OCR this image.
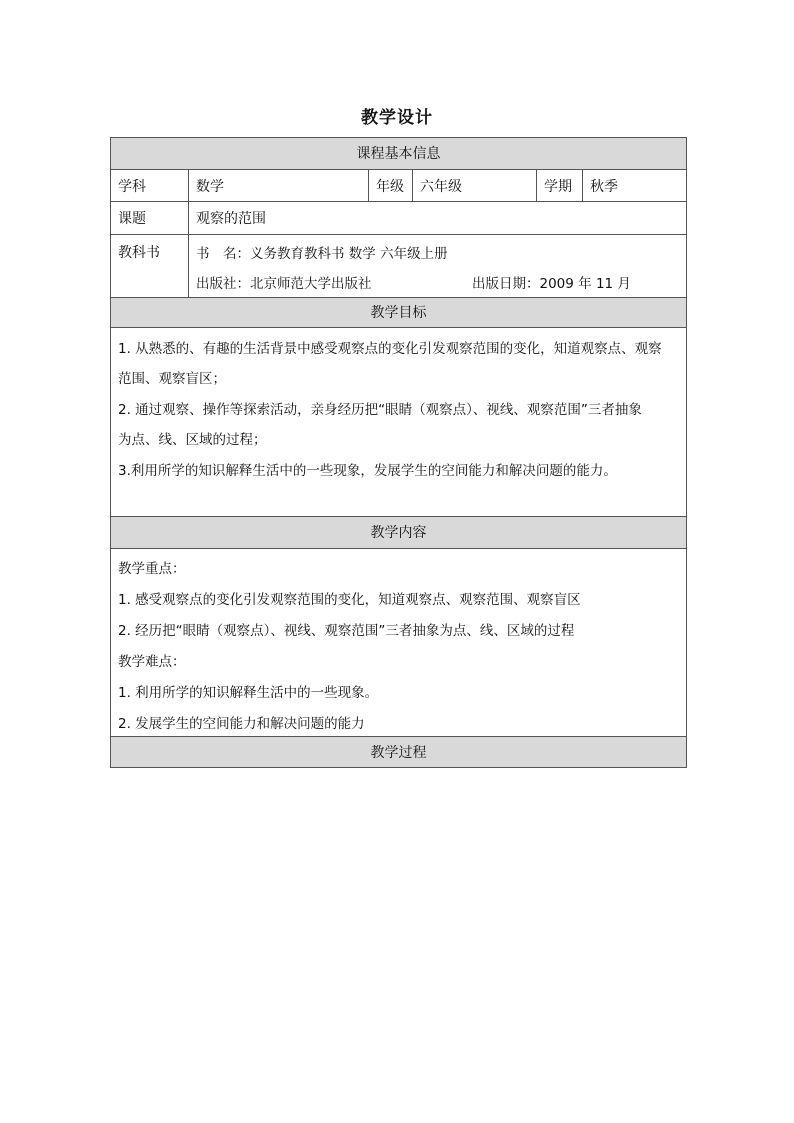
教学设计
课程基本信息
学科	数学	年级	六年级	学期	秋季
课题	观察的范围
教科书	书　名：义务教育教科书 数学 六年级上册
出版社：北京师范大学出版社	出版日期：2009 年 11 月
教学目标
1. 从熟悉的、有趣的生活背景中感受观察点的变化引发观察范围的变化，知道观察点、观察
范围、观察盲区；
2. 通过观察、操作等探索活动，亲身经历把“眼睛（观察点）、视线、观察范围”三者抽象
为点、线、区域的过程；
3.利用所学的知识解释生活中的一些现象，发展学生的空间能力和解决问题的能力。
教学内容
教学重点：
1. 感受观察点的变化引发观察范围的变化，知道观察点、观察范围、观察盲区
2. 经历把“眼睛（观察点）、视线、观察范围”三者抽象为点、线、区域的过程
教学难点：
1. 利用所学的知识解释生活中的一些现象。
2. 发展学生的空间能力和解决问题的能力
教学过程
